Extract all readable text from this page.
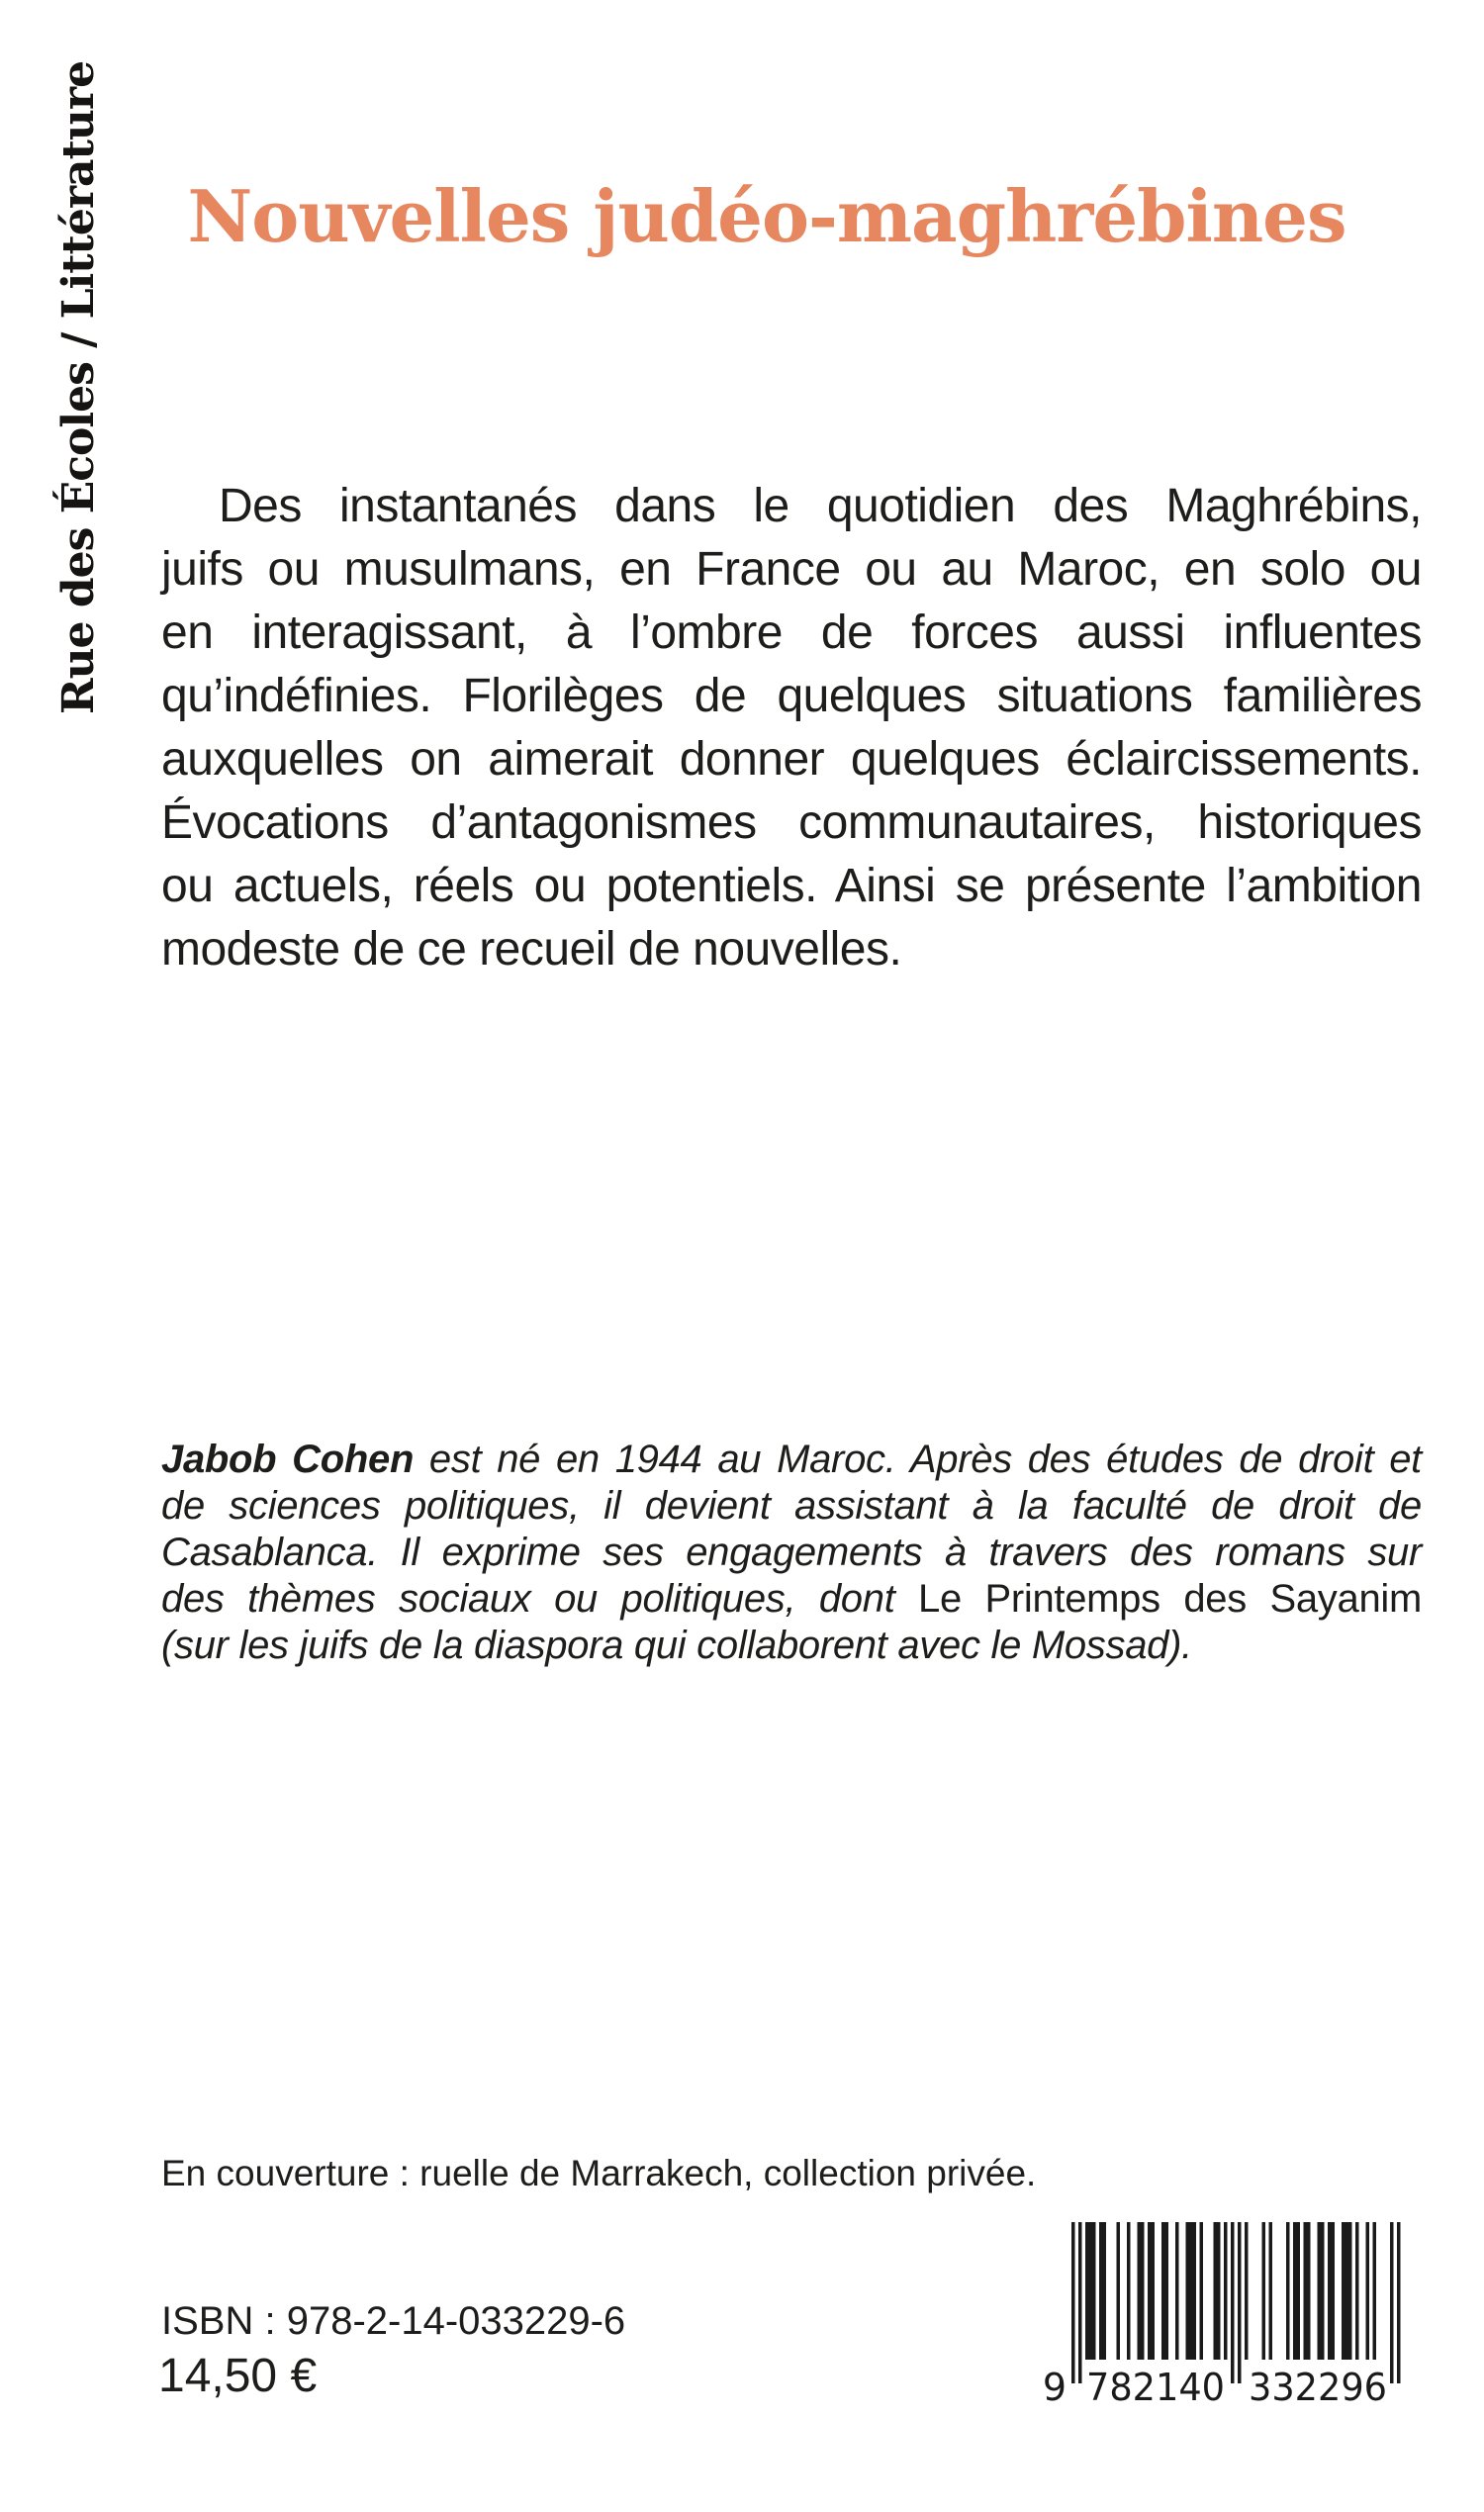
Rue des Écoles / Littérature	Nouvelles judéo-maghrébines
Des instantanés dans le quotidien des Maghrébins,
juifs ou musulmans, en France ou au Maroc, en solo ou
en interagissant, à l’ombre de forces aussi influentes
qu’indéfinies. Florilèges de quelques situations familières
auxquelles on aimerait donner quelques éclaircissements.
Évocations d’antagonismes communautaires, historiques
ou actuels, réels ou potentiels. Ainsi se présente l’ambition
modeste de ce recueil de nouvelles.
Jabob Cohen est né en 1944 au Maroc. Après des études de droit et
de sciences politiques, il devient assistant à la faculté de droit de
Casablanca. Il exprime ses engagements à travers des romans sur
des thèmes sociaux ou politiques, dont Le Printemps des Sayanim
(sur les juifs de la diaspora qui collaborent avec le Mossad).
En couverture : ruelle de Marrakech, collection privée.
ISBN : 978-2-14-033229-6
14,50 €	9 782140 332296
